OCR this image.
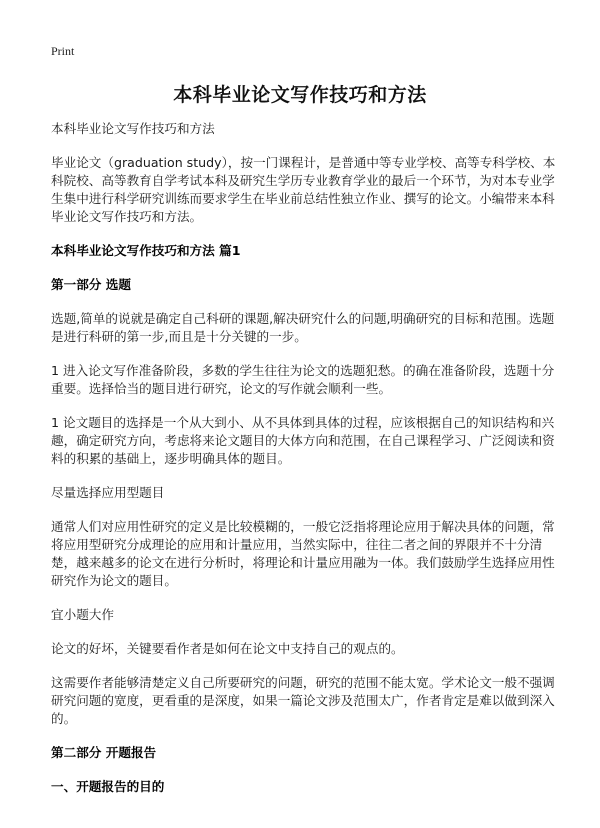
Print
本科毕业论文写作技巧和方法

本科毕业论文写作技巧和方法

毕业论文（graduation study），按一门课程计，是普通中等专业学校、高等专科学校、本科院校、高等教育自学考试本科及研究生学历专业教育学业的最后一个环节，为对本专业学生集中进行科学研究训练而要求学生在毕业前总结性独立作业、撰写的论文。小编带来本科毕业论文写作技巧和方法。

本科毕业论文写作技巧和方法 篇1

第一部分 选题

选题,简单的说就是确定自己科研的课题,解决研究什么的问题,明确研究的目标和范围。选题是进行科研的第一步,而且是十分关键的一步。

1 进入论文写作准备阶段，多数的学生往往为论文的选题犯愁。的确在准备阶段，选题十分重要。选择恰当的题目进行研究，论文的写作就会顺利一些。

1 论文题目的选择是一个从大到小、从不具体到具体的过程，应该根据自己的知识结构和兴趣，确定研究方向，考虑将来论文题目的大体方向和范围，在自己课程学习、广泛阅读和资料的积累的基础上，逐步明确具体的题目。

尽量选择应用型题目

通常人们对应用性研究的定义是比较模糊的，一般它泛指将理论应用于解决具体的问题，常将应用型研究分成理论的应用和计量应用，当然实际中，往往二者之间的界限并不十分清楚，越来越多的论文在进行分析时，将理论和计量应用融为一体。我们鼓励学生选择应用性研究作为论文的题目。

宜小题大作

论文的好坏，关键要看作者是如何在论文中支持自己的观点的。

这需要作者能够清楚定义自己所要研究的问题，研究的范围不能太宽。学术论文一般不强调研究问题的宽度，更看重的是深度，如果一篇论文涉及范围太广，作者肯定是难以做到深入的。

第二部分 开题报告

一、开题报告的目的
